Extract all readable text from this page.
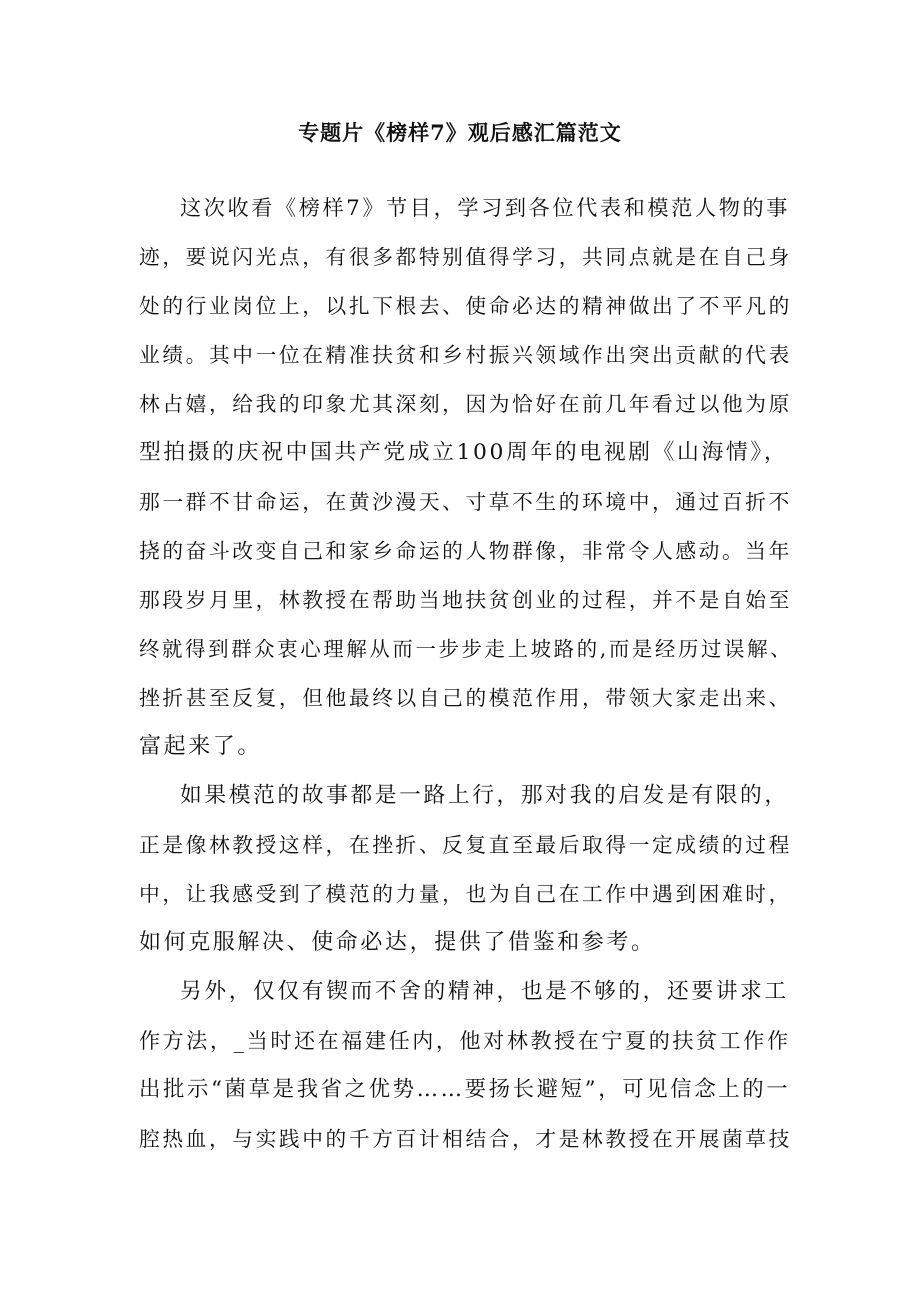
专题片《榜样7》观后感汇篇范文

这次收看《榜样7》节目，学习到各位代表和模范人物的事

迹，要说闪光点，有很多都特别值得学习，共同点就是在自己身

处的行业岗位上，以扎下根去、使命必达的精神做出了不平凡的

业绩。其中一位在精准扶贫和乡村振兴领域作出突出贡献的代表

林占嬉，给我的印象尤其深刻，因为恰好在前几年看过以他为原

型拍摄的庆祝中国共产党成立100周年的电视剧《山海情》，

那一群不甘命运，在黄沙漫天、寸草不生的环境中，通过百折不

挠的奋斗改变自己和家乡命运的人物群像，非常令人感动。当年

那段岁月里，林教授在帮助当地扶贫创业的过程，并不是自始至

终就得到群众衷心理解从而一步步走上坡路的,而是经历过误解、

挫折甚至反复，但他最终以自己的模范作用，带领大家走出来、

富起来了。

如果模范的故事都是一路上行，那对我的启发是有限的，

正是像林教授这样，在挫折、反复直至最后取得一定成绩的过程

中，让我感受到了模范的力量，也为自己在工作中遇到困难时，

如何克服解决、使命必达，提供了借鉴和参考。

另外，仅仅有锲而不舍的精神，也是不够的，还要讲求工

作方法，_当时还在福建任内，他对林教授在宁夏的扶贫工作作

出批示“菌草是我省之优势……要扬长避短”，可见信念上的一

腔热血，与实践中的千方百计相结合，才是林教授在开展菌草技
